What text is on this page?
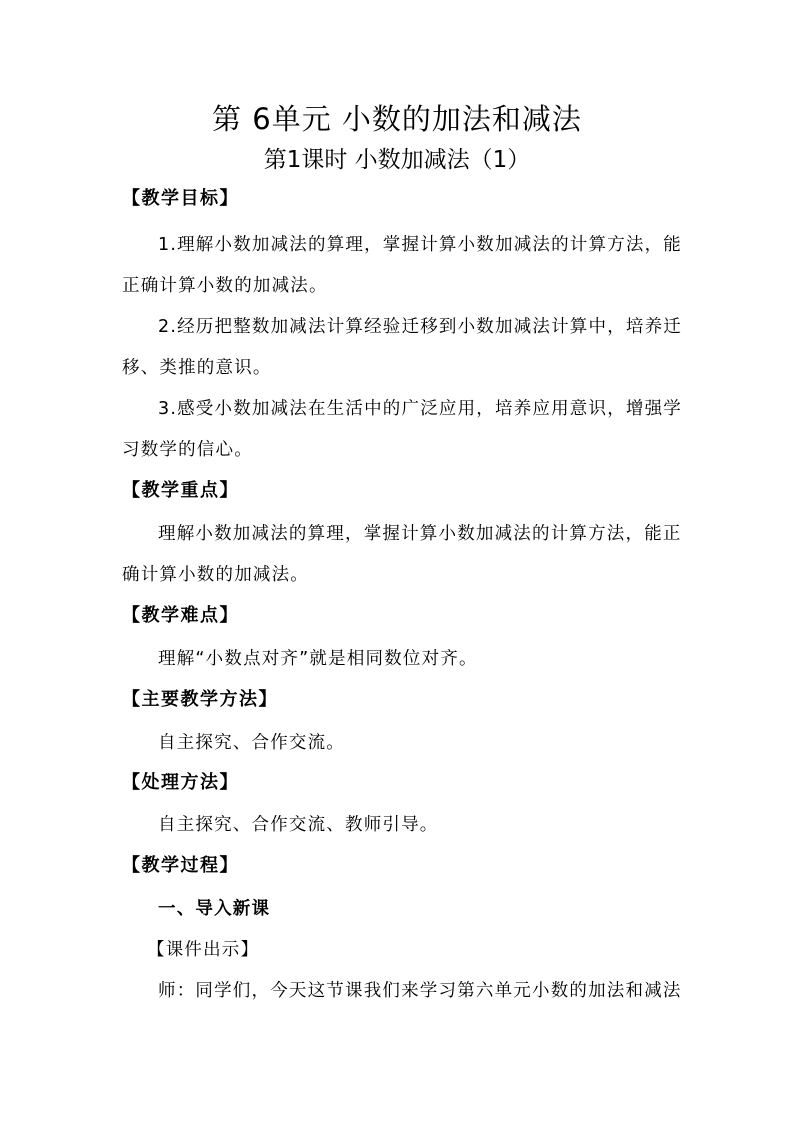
第 6单元 小数的加法和减法
第1课时 小数加减法（1）
【教学目标】
1.理解小数加减法的算理，掌握计算小数加减法的计算方法，能
正确计算小数的加减法。
2.经历把整数加减法计算经验迁移到小数加减法计算中，培养迁
移、类推的意识。
3.感受小数加减法在生活中的广泛应用，培养应用意识，增强学
习数学的信心。
【教学重点】
理解小数加减法的算理，掌握计算小数加减法的计算方法，能正
确计算小数的加减法。
【教学难点】
理解“小数点对齐”就是相同数位对齐。
【主要教学方法】
自主探究、合作交流。
【处理方法】
自主探究、合作交流、教师引导。
【教学过程】
一、导入新课
【课件出示】
师：同学们，今天这节课我们来学习第六单元小数的加法和减法
